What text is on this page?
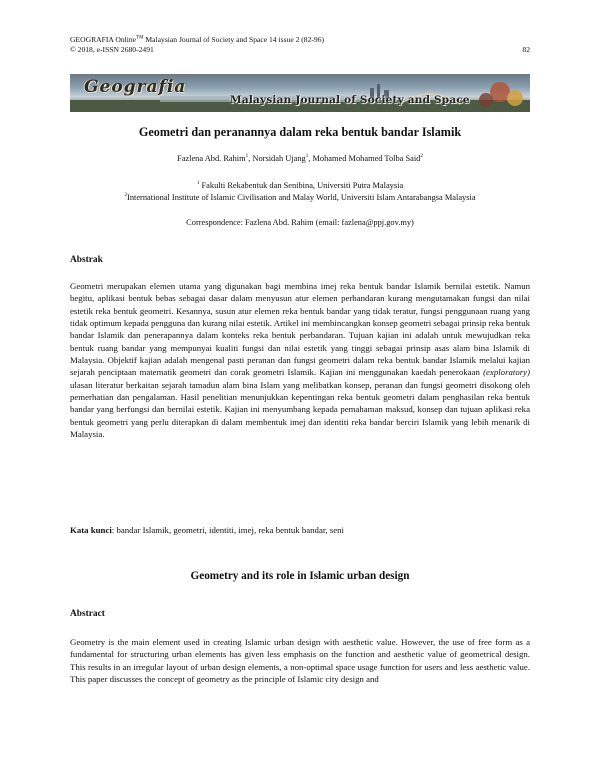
GEOGRAFIA Online™ Malaysian Journal of Society and Space 14 issue 2 (82-96)
© 2018, e-ISSN 2680-2491	82
Geografia
Malaysian Journal of Society and Space
Geometri dan peranannya dalam reka bentuk bandar Islamik
Fazlena Abd. Rahim$^1$, Norsidah Ujang$^1$, Mohamed Mohamed Tolba Said$^2$
$^1$ Fakulti Rekabentuk dan Senibina, Universiti Putra Malaysia
$^2$International Institute of Islamic Civilisation and Malay World, Universiti Islam Antarabangsa Malaysia
Correspondence: Fazlena Abd. Rahim (email: fazlena@ppj.gov.my)
Abstrak
Geometri merupakan elemen utama yang digunakan bagi membina imej reka bentuk bandar Islamik bernilai estetik. Namun begitu, aplikasi bentuk bebas sebagai dasar dalam menyusun atur elemen perbandaran kurang mengutamakan fungsi dan nilai estetik reka bentuk geometri. Kesannya, susun atur elemen reka bentuk bandar yang tidak teratur, fungsi penggunaan ruang yang tidak optimum kepada pengguna dan kurang nilai estetik. Artikel ini membincangkan konsep geometri sebagai prinsip reka bentuk bandar Islamik dan penerapannya dalam konteks reka bentuk perbandaran. Tujuan kajian ini adalah untuk mewujudkan reka bentuk ruang bandar yang mempunyai kualiti fungsi dan nilai estetik yang tinggi sebagai prinsip asas alam bina Islamik di Malaysia. Objektif kajian adalah mengenal pasti peranan dan fungsi geometri dalam reka bentuk bandar Islamik melalui kajian sejarah penciptaan matematik geometri dan corak geometri Islamik. Kajian ini menggunakan kaedah penerokaan (exploratory) ulasan literatur berkaitan sejarah tamadun alam bina Islam yang melibatkan konsep, peranan dan fungsi geometri disokong oleh pemerhatian dan pengalaman. Hasil penelitian menunjukkan kepentingan reka bentuk geometri dalam penghasilan reka bentuk bandar yang berfungsi dan bernilai estetik. Kajian ini menyumbang kepada pemahaman maksud, konsep dan tujuan aplikasi reka bentuk geometri yang perlu diterapkan di dalam membentuk imej dan identiti reka bandar berciri Islamik yang lebih menarik di Malaysia.
Kata kunci: bandar Islamik, geometri, identiti, imej, reka bentuk bandar, seni
Geometry and its role in Islamic urban design
Abstract
Geometry is the main element used in creating Islamic urban design with aesthetic value. However, the use of free form as a fundamental for structuring urban elements has given less emphasis on the function and aesthetic value of geometrical design. This results in an irregular layout of urban design elements, a non-optimal space usage function for users and less aesthetic value. This paper discusses the concept of geometry as the principle of Islamic city design and
